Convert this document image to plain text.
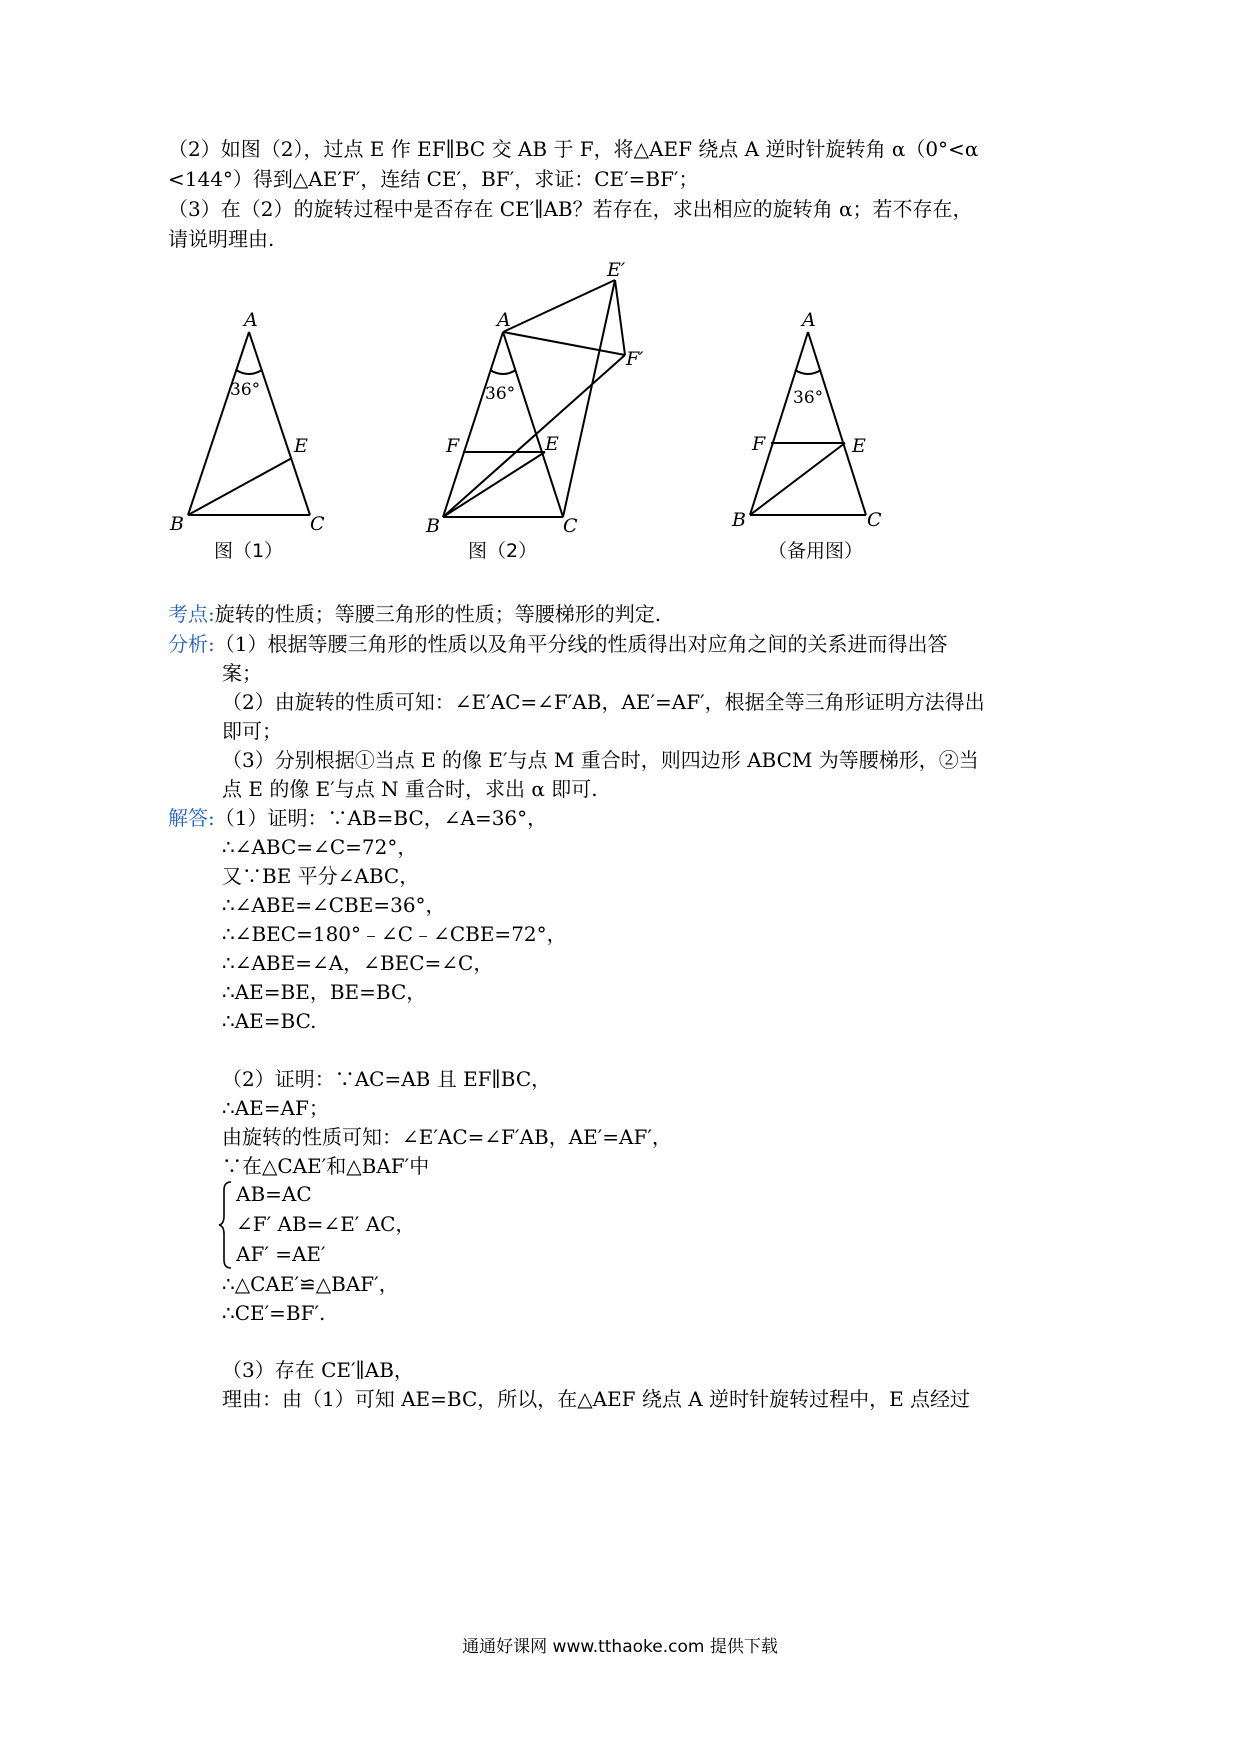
（2）如图（2），过点 E 作 EF∥BC 交 AB 于 F，将△AEF 绕点 A 逆时针旋转角 α（0°<α
<144°）得到△AE′F′，连结 CE′，BF′，求证：CE′=BF′；
（3）在（2）的旋转过程中是否存在 CE′∥AB？若存在，求出相应的旋转角 α；若不存在，
请说明理由.
A
B	C
E
A
B	C
E
F
E′
F′
A
B	C
E
F
36°	36°	36°
图（1）	图（2）	（备用图）
考点:旋转的性质；等腰三角形的性质；等腰梯形的判定.
分析:（1）根据等腰三角形的性质以及角平分线的性质得出对应角之间的关系进而得出答
案；
（2）由旋转的性质可知：∠E′AC=∠F′AB，AE′=AF′，根据全等三角形证明方法得出
即可；
（3）分别根据①当点 E 的像 E′与点 M 重合时，则四边形 ABCM 为等腰梯形，②当
点 E 的像 E′与点 N 重合时，求出 α 即可.
解答:（1）证明：∵AB=BC，∠A=36°，
∴∠ABC=∠C=72°，
又∵BE 平分∠ABC，
∴∠ABE=∠CBE=36°，
∴∠BEC=180°﹣∠C﹣∠CBE=72°，
∴∠ABE=∠A，∠BEC=∠C，
∴AE=BE，BE=BC，
∴AE=BC.
（2）证明：∵AC=AB 且 EF∥BC，
∴AE=AF；
由旋转的性质可知：∠E′AC=∠F′AB，AE′=AF′，
∵在△CAE′和△BAF′中
AB=AC
∠F′ AB=∠E′ AC，
AF′ =AE′
∴△CAE′≌△BAF′，
∴CE′=BF′.
（3）存在 CE′∥AB，
理由：由（1）可知 AE=BC，所以，在△AEF 绕点 A 逆时针旋转过程中，E 点经过
通通好课网 www.tthaoke.com 提供下载
